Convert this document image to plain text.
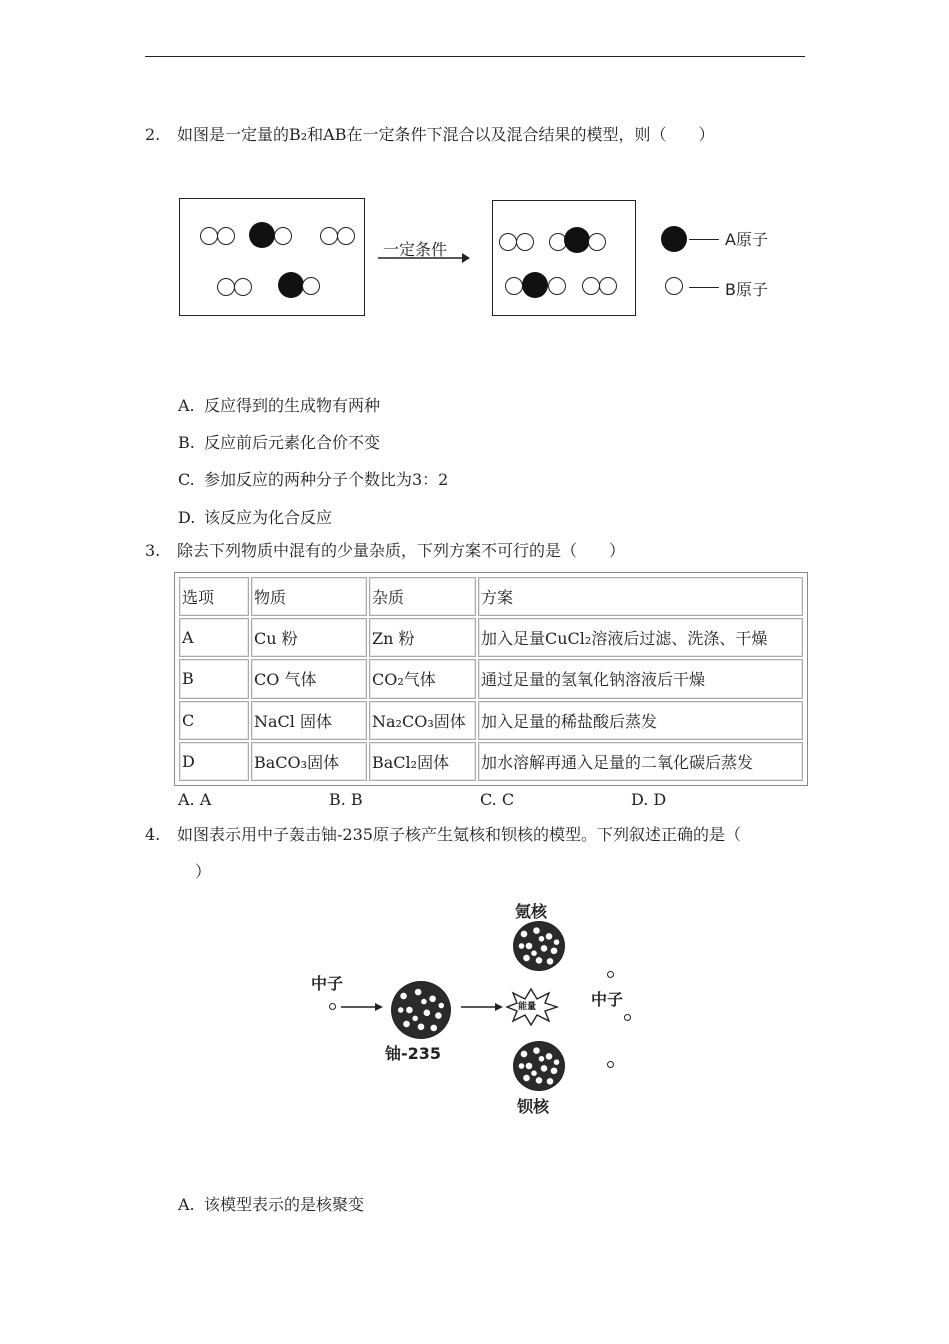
2. 如图是一定量的B₂和AB在一定条件下混合以及混合结果的模型，则（　　）
一定条件
A原子
B原子
A. 反应得到的生成物有两种
B. 反应前后元素化合价不变
C. 参加反应的两种分子个数比为3：2
D. 该反应为化合反应
3. 除去下列物质中混有的少量杂质，下列方案不可行的是（　　）
选项	物质	杂质	方案
A	Cu 粉	Zn 粉	加入足量CuCl₂溶液后过滤、洗涤、干燥
B	CO 气体	CO₂气体	通过足量的氢氧化钠溶液后干燥
C	NaCl 固体	Na₂CO₃固体	加入足量的稀盐酸后蒸发
D	BaCO₃固体	BaCl₂固体	加水溶解再通入足量的二氧化碳后蒸发
A. A	B. B	C. C	D. D
4. 如图表示用中子轰击铀-235原子核产生氪核和钡核的模型。下列叙述正确的是（
）
氪核
中子
铀-235
能量
钡核
中子
A. 该模型表示的是核聚变
